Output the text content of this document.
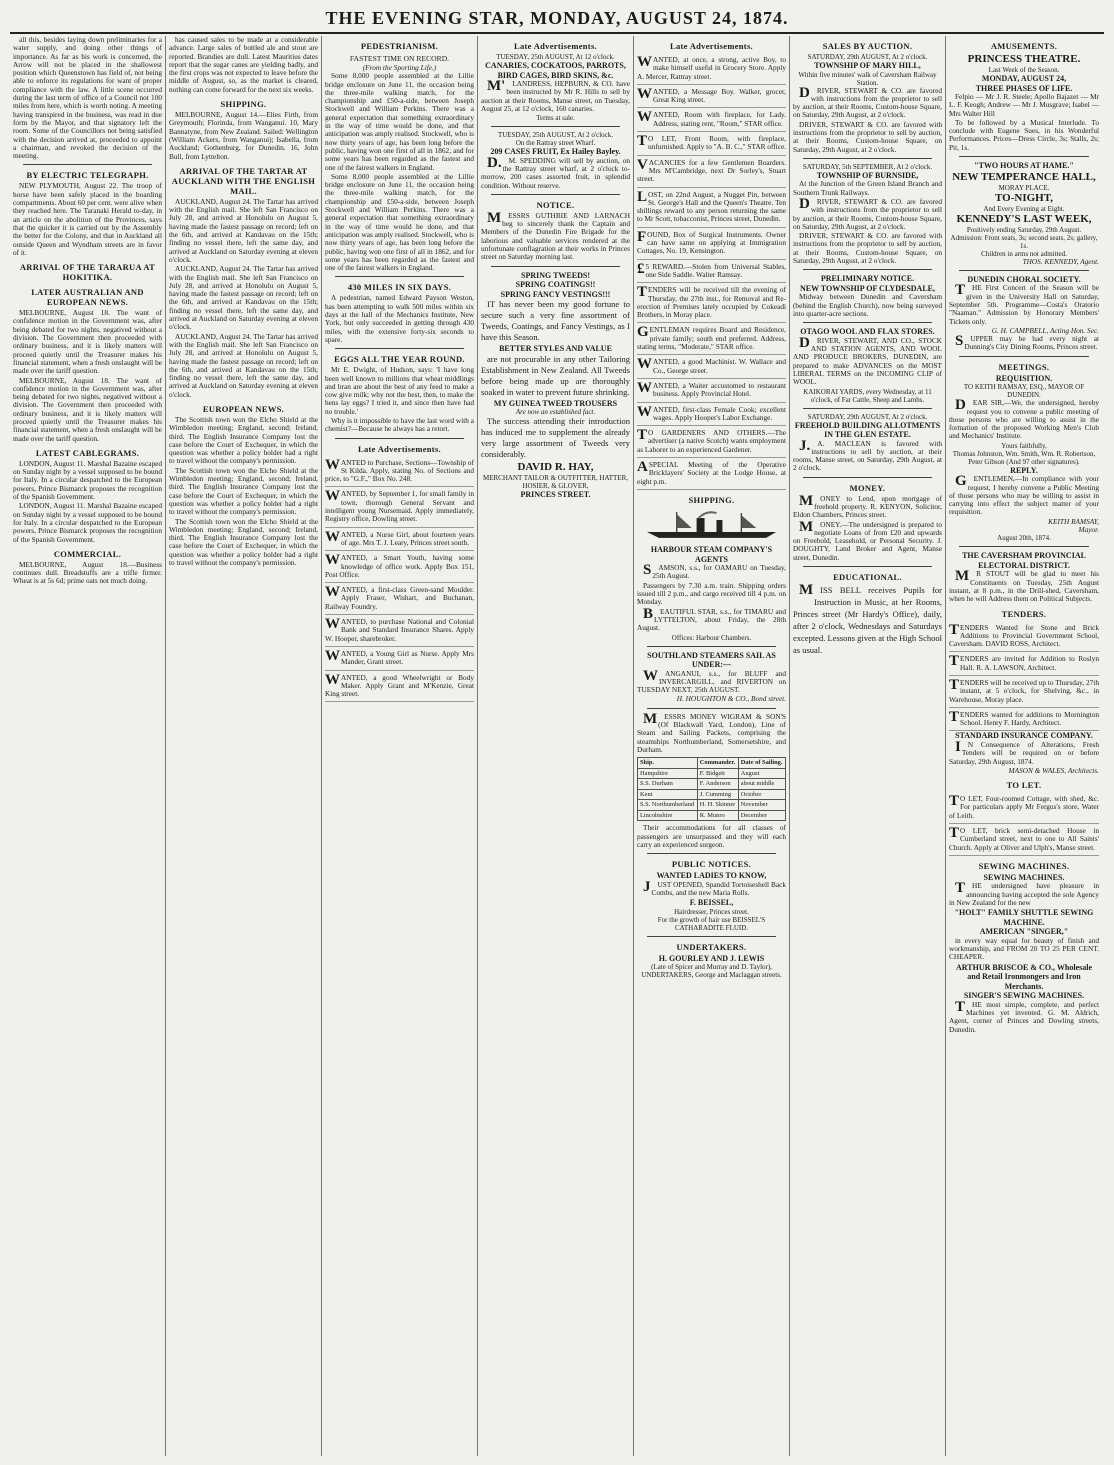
THE EVENING STAR, MONDAY, AUGUST 24, 1874.

all this, besides laying down preliminaries for a water supply, and doing other things of importance. As far as his work is concerned, the Arrow will not be placed in the shallowest position which Queenstown has field of, not being able to enforce its regulations for want of proper compliance with the law. A little scene occurred during the last term of office of a Council not 100 miles from here, which is worth noting. A meeting having transpired in the business, was read in due form by the Mayor, and that signatory left the room. Some of the Councillors not being satisfied with the decision arrived at, proceeded to appoint a chairman, and revoked the decision of the meeting.

BY ELECTRIC TELEGRAPH.

NEW PLYMOUTH, August 22. The troop of horse have been safely placed in the boarding compartments. About 60 per cent. were alive when they reached here. The Taranaki Herald to-day, in an article on the abolition of the Provinces, says that the quicker it is carried out by the Assembly the better for the Colony, and that in Auckland all outside Queen and Wyndham streets are in favor of it.

ARRIVAL OF THE TARARUA AT HOKITIKA.
LATER AUSTRALIAN AND EUROPEAN NEWS.

MELBOURNE, August 18. The want of confidence motion in the Government was, after being debated for two nights, negatived without a division. The Government then proceeded with ordinary business, and it is likely matters will proceed quietly until the Treasurer makes his financial statement, when a fresh onslaught will be made over the tariff question.

MELBOURNE, August 18. The want of confidence motion in the Government was, after being debated for two nights, negatived without a division. The Government then proceeded with ordinary business, and it is likely matters will proceed quietly until the Treasurer makes his financial statement, when a fresh onslaught will be made over the tariff question.

LATEST CABLEGRAMS.

LONDON, August 11. Marshal Bazaine escaped on Sunday night by a vessel supposed to be bound for Italy. In a circular despatched to the European powers, Prince Bismarck proposes the recognition of the Spanish Government.

LONDON, August 11. Marshal Bazaine escaped on Sunday night by a vessel supposed to be bound for Italy. In a circular despatched to the European powers, Prince Bismarck proposes the recognition of the Spanish Government.

COMMERCIAL.

MELBOURNE, August 18.—Business continues dull. Breadstuffs are a trifle firmer. Wheat is at 5s 6d; prime oats not much doing.

has caused sales to be made at a considerable advance. Large sales of bottled ale and stout are reported. Brandies are dull. Latest Mauritius dates report that the sugar canes are yielding badly, and the first crops was not expected to leave before the middle of August, so, as the market is cleared, nothing can come forward for the next six weeks.

SHIPPING.

MELBOURNE, August 14.—Elies Firth, from Greymouth; Florinda, from Wanganui. 10, Mary Bannatyne, from New Zealand. Sailed: Wellington (William Ackers, from Wanganui); Isabella, from Auckland; Gothenburg, for Dunedin. 16, John Bull, from Lyttelton.

ARRIVAL OF THE TARTAR AT AUCKLAND WITH THE ENGLISH MAIL.

AUCKLAND, August 24. The Tartar has arrived with the English mail. She left San Francisco on July 28, and arrived at Honolulu on August 5, having made the fastest passage on record; left on the 6th, and arrived at Kandavau on the 15th; finding no vessel there, left the same day, and arrived at Auckland on Saturday evening at eleven o'clock.

AUCKLAND, August 24. The Tartar has arrived with the English mail. She left San Francisco on July 28, and arrived at Honolulu on August 5, having made the fastest passage on record; left on the 6th, and arrived at Kandavau on the 15th; finding no vessel there, left the same day, and arrived at Auckland on Saturday evening at eleven o'clock.

AUCKLAND, August 24. The Tartar has arrived with the English mail. She left San Francisco on July 28, and arrived at Honolulu on August 5, having made the fastest passage on record; left on the 6th, and arrived at Kandavau on the 15th; finding no vessel there, left the same day, and arrived at Auckland on Saturday evening at eleven o'clock.

EUROPEAN NEWS.

The Scottish town won the Elcho Shield at the Wimbledon meeting; England, second; Ireland, third. The English Insurance Company lost the case before the Court of Exchequer, in which the question was whether a policy holder had a right to travel without the company's permission.

The Scottish town won the Elcho Shield at the Wimbledon meeting; England, second; Ireland, third. The English Insurance Company lost the case before the Court of Exchequer, in which the question was whether a policy holder had a right to travel without the company's permission.

The Scottish town won the Elcho Shield at the Wimbledon meeting; England, second; Ireland, third. The English Insurance Company lost the case before the Court of Exchequer, in which the question was whether a policy holder had a right to travel without the company's permission.

PEDESTRIANISM.
FASTEST TIME ON RECORD.
(From the Sporting Life.)

Some 8,000 people assembled at the Lillie bridge enclosure on June 11, the occasion being the three-mile walking match, for the championship and £50-a-side, between Joseph Stockwell and William Perkins. There was a general expectation that something extraordinary in the way of time would be done, and that anticipation was amply realised. Stockwell, who is now thirty years of age, has been long before the public, having won one first of all in 1862, and for some years has been regarded as the fastest and one of the fairest walkers in England.

Some 8,000 people assembled at the Lillie bridge enclosure on June 11, the occasion being the three-mile walking match, for the championship and £50-a-side, between Joseph Stockwell and William Perkins. There was a general expectation that something extraordinary in the way of time would be done, and that anticipation was amply realised. Stockwell, who is now thirty years of age, has been long before the public, having won one first of all in 1862, and for some years has been regarded as the fastest and one of the fairest walkers in England.

430 MILES IN SIX DAYS.

A pedestrian, named Edward Payson Weston, has been attempting to walk 500 miles within six days at the hall of the Mechanics Institute, New York, but only succeeded in getting through 430 miles, with the extensive forty-six seconds to spare.

EGGS ALL THE YEAR ROUND.

Mr E. Dwight, of Hudson, says: 'I have long been well known to millions that wheat middlings and bran are about the best of any feed to make a cow give milk; why not the best, then, to make the hens lay eggs? I tried it, and since then have had no trouble.'

Why is it impossible to have the last word with a chemist?—Because he always has a retort.

Late Advertisements.
WANTED to Purchase, Sections—Township of St Kilda. Apply, stating No. of Sections and price, to "G.F.," Box No. 248.
WANTED, by September 1, for small family in town, thorough General Servant and intelligent young Nursemaid. Apply immediately, Registry office, Dowling street.
WANTED, a Nurse Girl, about fourteen years of age. Mrs T. J. Leary, Princes street south.
WANTED, a Smart Youth, having some knowledge of office work. Apply Box 151, Post Office.
WANTED, a first-class Green-sand Moulder. Apply Fraser, Wishart, and Buchanan, Railway Foundry.
WANTED, to purchase National and Colonial Bank and Standard Insurance Shares. Apply W. Hooper, sharebroker.
WANTED, a Young Girl as Nurse. Apply Mrs Mander, Grant street.
WANTED, a good Wheelwright or Body Maker. Apply Grant and M'Kenzie, Great King street.
Late Advertisements.
TUESDAY, 25th AUGUST, At 12 o'clock.
CANARIES, COCKATOOS, PARROTS, BIRD CAGES, BIRD SKINS, &c.

M'LANDRESS, HEPBURN, & CO. have been instructed by Mr R. Hills to sell by auction at their Rooms, Manse street, on Tuesday, August 25, at 12 o'clock, 160 canaries.

Terms at sale.
TUESDAY, 25th AUGUST, At 2 o'clock.
On the Rattray street Wharf.
209 CASES FRUIT, Ex Hailey Bayley.

D.M. SPEDDING will sell by auction, on the Rattray street wharf, at 2 o'clock to-morrow, 200 cases assorted fruit, in splendid condition. Without reserve.

NOTICE.

MESSRS GUTHRIE AND LARNACH beg to sincerely thank the Captain and Members of the Dunedin Fire Brigade for the laborious and valuable services rendered at the unfortunate conflagration at their works in Princes street on Saturday morning last.

SPRING TWEEDS!
SPRING COATINGS!!
SPRING FANCY VESTINGS!!!

IT has never been my good fortune to secure such a very fine assortment of Tweeds, Coatings, and Fancy Vestings, as I have this Season.

BETTER STYLES AND VALUE

are not procurable in any other Tailoring Establishment in New Zealand. All Tweeds before being made up are thoroughly soaked in water to prevent future shrinking.

MY GUINEA TWEED TROUSERS
Are now an established fact.

The success attending their introduction has induced me to supplement the already very large assortment of Tweeds very considerably.

DAVID R. HAY,
MERCHANT TAILOR & OUTFITTER, HATTER, HOSIER, & GLOVER,
PRINCES STREET.
Late Advertisements.
WANTED, at once, a strong, active Boy, to make himself useful in Grocery Store. Apply A. Mercer, Rattray street.
WANTED, a Message Boy. Walker, grocer, Great King street.
WANTED, Room with fireplace, for Lady. Address, stating rent, "Room," STAR office.
TO LET, Front Room, with fireplace, unfurnished. Apply to "A. B. C.," STAR office.
VACANCIES for a few Gentlemen Boarders. Mrs M'Cambridge, next Dr Sorley's, Stuart street.
LOST, on 22nd August, a Nugget Pin, between St. George's Hall and the Queen's Theatre. Ten shillings reward to any person returning the same to Mr Scott, tobacconist, Princes street, Dunedin.
FOUND, Box of Surgical Instruments. Owner can have same on applying at Immigration Cottages, No. 19, Kensington.
£5 REWARD.—Stolen from Universal Stables, one Side Saddle. Walter Ramsay.
TENDERS will be received till the evening of Thursday, the 27th inst., for Removal and Re-erection of Premises lately occupied by Cokeadi Brothers, in Moray place.
GENTLEMAN requires Board and Residence, private family; south end preferred. Address, stating terms, "Moderate," STAR office.
WANTED, a good Machinist. W. Wallace and Co., George street.
WANTED, a Waiter accustomed to restaurant business. Apply Provincial Hotel.
WANTED, first-class Female Cook; excellent wages. Apply Hooper's Labor Exchange.
TO GARDENERS AND OTHERS.—The advertiser (a native Scotch) wants employment as Laborer to an experienced Gardener.
ASPECIAL Meeting of the Operative Bricklayers' Society at the Lodge House, at eight p.m.
SHIPPING.
HARBOUR STEAM COMPANY'S AGENTS

SAMSON, s.s., for OAMARU on Tuesday, 25th August.

Passengers by 7.30 a.m. train. Shipping orders issued till 2 p.m., and cargo received till 4 p.m. on Monday.

BEAUTIFUL STAR, s.s., for TIMARU and LYTTELTON, about Friday, the 28th August.

Offices: Harbour Chambers.
SOUTHLAND STEAMERS SAIL AS UNDER:—

WANGANUI, s.s., for BLUFF and INVERCARGILL, and RIVERTON on TUESDAY NEXT, 25th AUGUST.

H. HOUGHTON & CO., Bond street.

MESSRS MONEY WIGRAM & SON'S (Of Blackwall Yard, London), Line of Steam and Sailing Packets, comprising the steamships Northumberland, Somersetshire, and Durham.

Ship.	Commander.	Date of Sailing.
Hampshire	F. Bidgett	August
S.S. Durham	F. Anderson	about middle
Kent	J. Cumming	October
S.S. Northumberland	H. H. Skinner	November
Lincolnshire	R. Munro	December

Their accommodations for all classes of passengers are unsurpassed and they will each carry an experienced surgeon.

PUBLIC NOTICES.
WANTED LADIES TO KNOW,

JUST OPENED, Spandid Tortoiseshell Back Combs, and the new Maria Rolls.

F. BEISSEL,
Hairdresser, Princes street.
For the growth of hair use BEISSEL'S CATHARADITE FLUID.
UNDERTAKERS.
H. GOURLEY AND J. LEWIS
(Late of Spicer and Murray and D. Taylor), UNDERTAKERS, George and Maclaggan streets.
SALES BY AUCTION.
SATURDAY, 29th AUGUST, At 2 o'clock.
TOWNSHIP OF MARY HILL,
Within five minutes' walk of Caversham Railway Station.

DRIVER, STEWART & CO. are favored with instructions from the proprietor to sell by auction, at their Rooms, Custom-house Square, on Saturday, 29th August, at 2 o'clock.

DRIVER, STEWART & CO. are favored with instructions from the proprietor to sell by auction, at their Rooms, Custom-house Square, on Saturday, 29th August, at 2 o'clock.

SATURDAY, 5th SEPTEMBER, At 2 o'clock.
TOWNSHIP OF BURNSIDE,

At the Junction of the Green Island Branch and Southern Trunk Railways.

DRIVER, STEWART & CO. are favored with instructions from the proprietor to sell by auction, at their Rooms, Custom-house Square, on Saturday, 29th August, at 2 o'clock.

DRIVER, STEWART & CO. are favored with instructions from the proprietor to sell by auction, at their Rooms, Custom-house Square, on Saturday, 29th August, at 2 o'clock.

PRELIMINARY NOTICE.
NEW TOWNSHIP OF CLYDESDALE,

Midway between Dunedin and Caversham (behind the English Church), now being surveyed into quarter-acre sections.

OTAGO WOOL AND FLAX STORES.

DRIVER, STEWART, AND CO., STOCK AND STATION AGENTS, AND WOOL AND PRODUCE BROKERS, DUNEDIN, are prepared to make ADVANCES on the MOST LIBERAL TERMS on the INCOMING CLIP of WOOL.

KAIKORAI YARDS, every Wednesday, at 11 o'clock, of Fat Cattle, Sheep and Lambs.
SATURDAY, 29th AUGUST, At 2 o'clock.
FREEHOLD BUILDING ALLOTMENTS IN THE GLEN ESTATE.

J.A. MACLEAN is favored with instructions to sell by auction, at their rooms, Manse street, on Saturday, 29th August, at 2 o'clock.

MONEY.

MONEY to Lend, upon mortgage of freehold property. R. KENYON, Solicitor, Eldon Chambers, Princes street.

MONEY.—The undersigned is prepared to negotiate Loans of from £20 and upwards on Freehold, Leasehold, or Personal Security. J. DOUGHTY, Land Broker and Agent, Manse street, Dunedin.

EDUCATIONAL.

MISS BELL receives Pupils for Instruction in Music, at her Rooms, Princes street (Mr Hardy's Office), daily, after 2 o'clock, Wednesdays and Saturdays excepted. Lessons given at the High School as usual.

AMUSEMENTS.
PRINCESS THEATRE.
Last Week of the Season.
MONDAY, AUGUST 24,
THREE PHASES OF LIFE.

Felpio — Mr J. R. Steele; Apollo Bajazet — Mr L. F. Keogh; Andrew — Mr J. Musgrave; Isabel — Mrs Walter Hill

To be followed by a Musical Interlude. To conclude with Eugene Sues, in his Wonderful Performances. Prices—Dress Circle, 3s; Stalls, 2s; Pit, 1s.

"TWO HOURS AT HAME."
NEW TEMPERANCE HALL,
MORAY PLACE.
TO-NIGHT,
And Every Evening at Eight.
KENNEDY'S LAST WEEK,
Positively ending Saturday, 29th August.
Admission: Front seats, 3s; second seats, 2s; gallery, 1s.
Children in arms not admitted.
THOS. KENNEDY, Agent.
DUNEDIN CHORAL SOCIETY.

THE First Concert of the Season will be given in the University Hall on Saturday, September 5th. Programme—Costa's Oratorio "Naaman." Admission by Honorary Members' Tickets only.

G. H. CAMPBELL, Acting Hon. Sec.

SUPPER may be had every night at Dunning's City Dining Rooms, Princes street.

MEETINGS.
REQUISITION.
TO KEITH RAMSAY, ESQ., MAYOR OF DUNEDIN.

DEAR SIR,—We, the undersigned, hereby request you to convene a public meeting of those persons who are willing to assist in the formation of the proposed Working Men's Club and Mechanics' Institute.

Yours faithfully,
Thomas Johnston, Wm. Smith, Wm. R. Robertson, Peter Gibson (And 97 other signatures).
REPLY.

GENTLEMEN,—In compliance with your request, I hereby convene a Public Meeting of those persons who may be willing to assist in carrying into effect the subject matter of your requisition.

KEITH RAMSAY,
Mayor.
August 20th, 1874.
THE CAVERSHAM PROVINCIAL ELECTORAL DISTRICT.

MR STOUT will be glad to meet his Constituents on Tuesday, 25th August instant, at 8 p.m., in the Drill-shed, Caversham, when he will Address them on Political Subjects.

TENDERS.
TENDERS Wanted for Stone and Brick Additions to Provincial Government School, Caversham. DAVID ROSS, Architect.
TENDERS are invited for Addition to Roslyn Hall. R. A. LAWSON, Architect.
TENDERS will be received up to Thursday, 27th instant, at 5 o'clock, for Shelving, &c., in Warehouse, Moray place.
TENDERS wanted for additions to Mornington School. Henry F. Hardy, Architect.
STANDARD INSURANCE COMPANY.

IN Consequence of Alterations, Fresh Tenders will be required on or before Saturday, 29th August, 1874.

MASON & WALES, Architects.
TO LET.
TO LET, Four-roomed Cottage, with shed, &c. For particulars apply Mr Fergus's store, Water of Leith.
TO LET, brick semi-detached House in Cumberland street, next to one to All Saints' Church. Apply at Oliver and Ulph's, Manse street.
SEWING MACHINES.
SEWING MACHINES.

THE undersigned have pleasure in announcing having accepted the sole Agency in New Zealand for the new

"HOLT" FAMILY SHUTTLE SEWING MACHINE.
AMERICAN "SINGER,"

in every way equal for beauty of finish and workmanship, and FROM 20 TO 25 PER CENT. CHEAPER.

ARTHUR BRISCOE & CO., Wholesale and Retail Ironmongers and Iron Merchants.
SINGER'S SEWING MACHINES.

THE most simple, complete, and perfect Machines yet invented. G. M. Aldrich, Agent, corner of Princes and Dowling streets, Dunedin.
